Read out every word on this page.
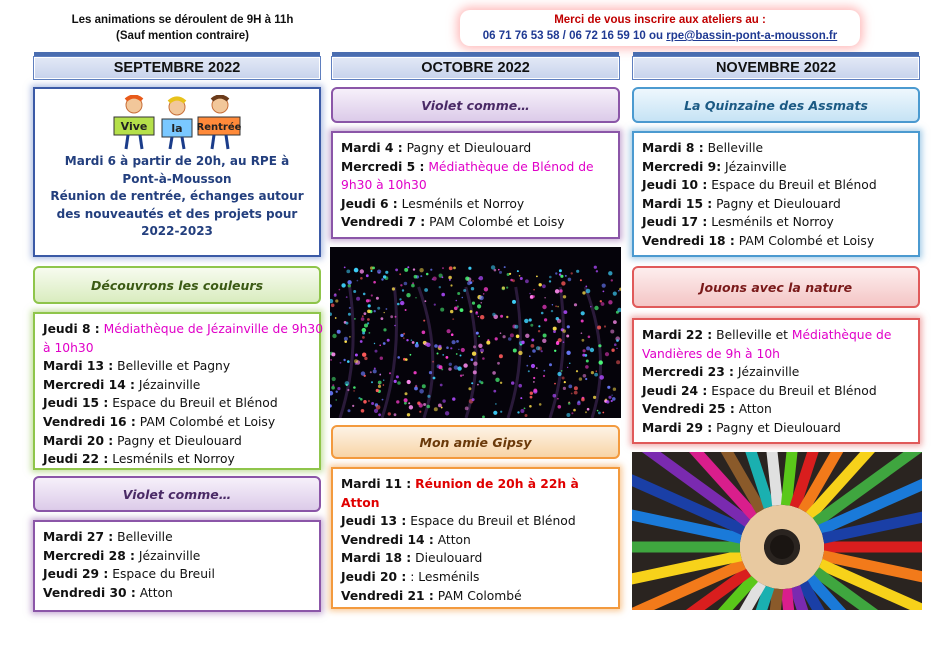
Les animations se déroulent de 9H à 11h
(Sauf mention contraire)
Merci de vous inscrire aux ateliers au :
06 71 76 53 58 / 06 72 16 59 10 ou rpe@bassin-pont-a-mousson.fr
SEPTEMBRE 2022	OCTOBRE 2022	NOVEMBRE 2022
Vive la Rentrée
Mardi 6 à partir de 20h, au RPE à
Pont-à-Mousson
Réunion de rentrée, échanges autour
des nouveautés et des projets pour
2022-2023
Découvrons les couleurs
Jeudi 8 : Médiathèque de Jézainville de 9h30
à 10h30
Mardi 13 : Belleville et Pagny
Mercredi 14 : Jézainville
Jeudi 15 : Espace du Breuil et Blénod
Vendredi 16 : PAM Colombé et Loisy
Mardi 20 : Pagny et Dieulouard
Jeudi 22 : Lesménils et Norroy
Violet comme…
Mardi 27 : Belleville
Mercredi 28 : Jézainville
Jeudi 29 : Espace du Breuil
Vendredi 30 : Atton
Violet comme…
Mardi 4 : Pagny et Dieulouard
Mercredi 5 : Médiathèque de Blénod de
9h30 à 10h30
Jeudi 6 : Lesménils et Norroy
Vendredi 7 : PAM Colombé et Loisy
Mon amie Gipsy
Mardi 11 : Réunion de 20h à 22h à
Atton
Jeudi 13 : Espace du Breuil et Blénod
Vendredi 14 : Atton
Mardi 18 : Dieulouard
Jeudi 20 : : Lesménils
Vendredi 21 : PAM Colombé
La Quinzaine des Assmats
Mardi 8 : Belleville
Mercredi 9: Jézainville
Jeudi 10 : Espace du Breuil et Blénod
Mardi 15 : Pagny et Dieulouard
Jeudi 17 : Lesménils et Norroy
Vendredi 18 : PAM Colombé et Loisy
Jouons avec la nature
Mardi 22 : Belleville et Médiathèque de
Vandières de 9h à 10h
Mercredi 23 : Jézainville
Jeudi 24 : Espace du Breuil et Blénod
Vendredi 25 : Atton
Mardi 29 : Pagny et Dieulouard
